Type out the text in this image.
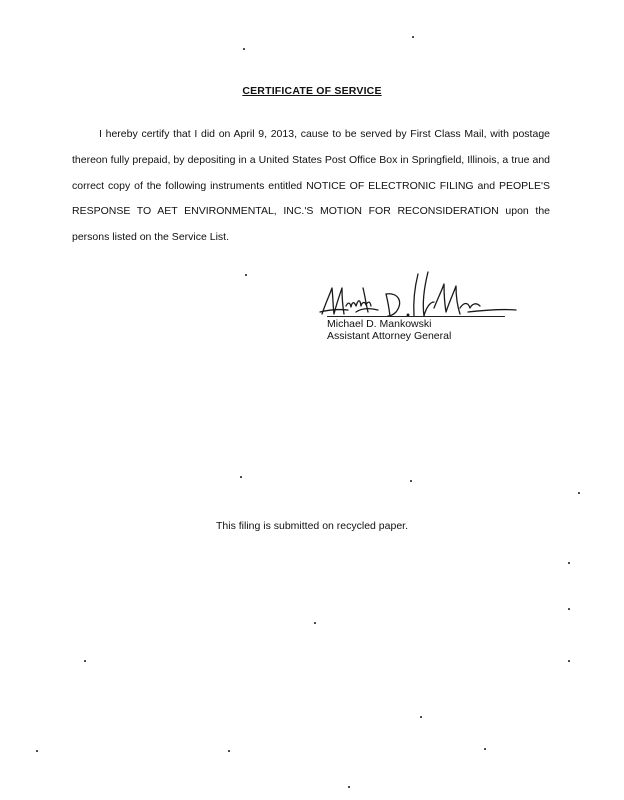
CERTIFICATE OF SERVICE

I hereby certify that I did on April 9, 2013, cause to be served by First Class Mail, with postage thereon fully prepaid, by depositing in a United States Post Office Box in Springfield, Illinois, a true and correct copy of the following instruments entitled NOTICE OF ELECTRONIC FILING and PEOPLE'S RESPONSE TO AET ENVIRONMENTAL, INC.'S MOTION FOR RECONSIDERATION upon the persons listed on the Service List.

Michael D. Mankowski
Assistant Attorney General
This filing is submitted on recycled paper.
